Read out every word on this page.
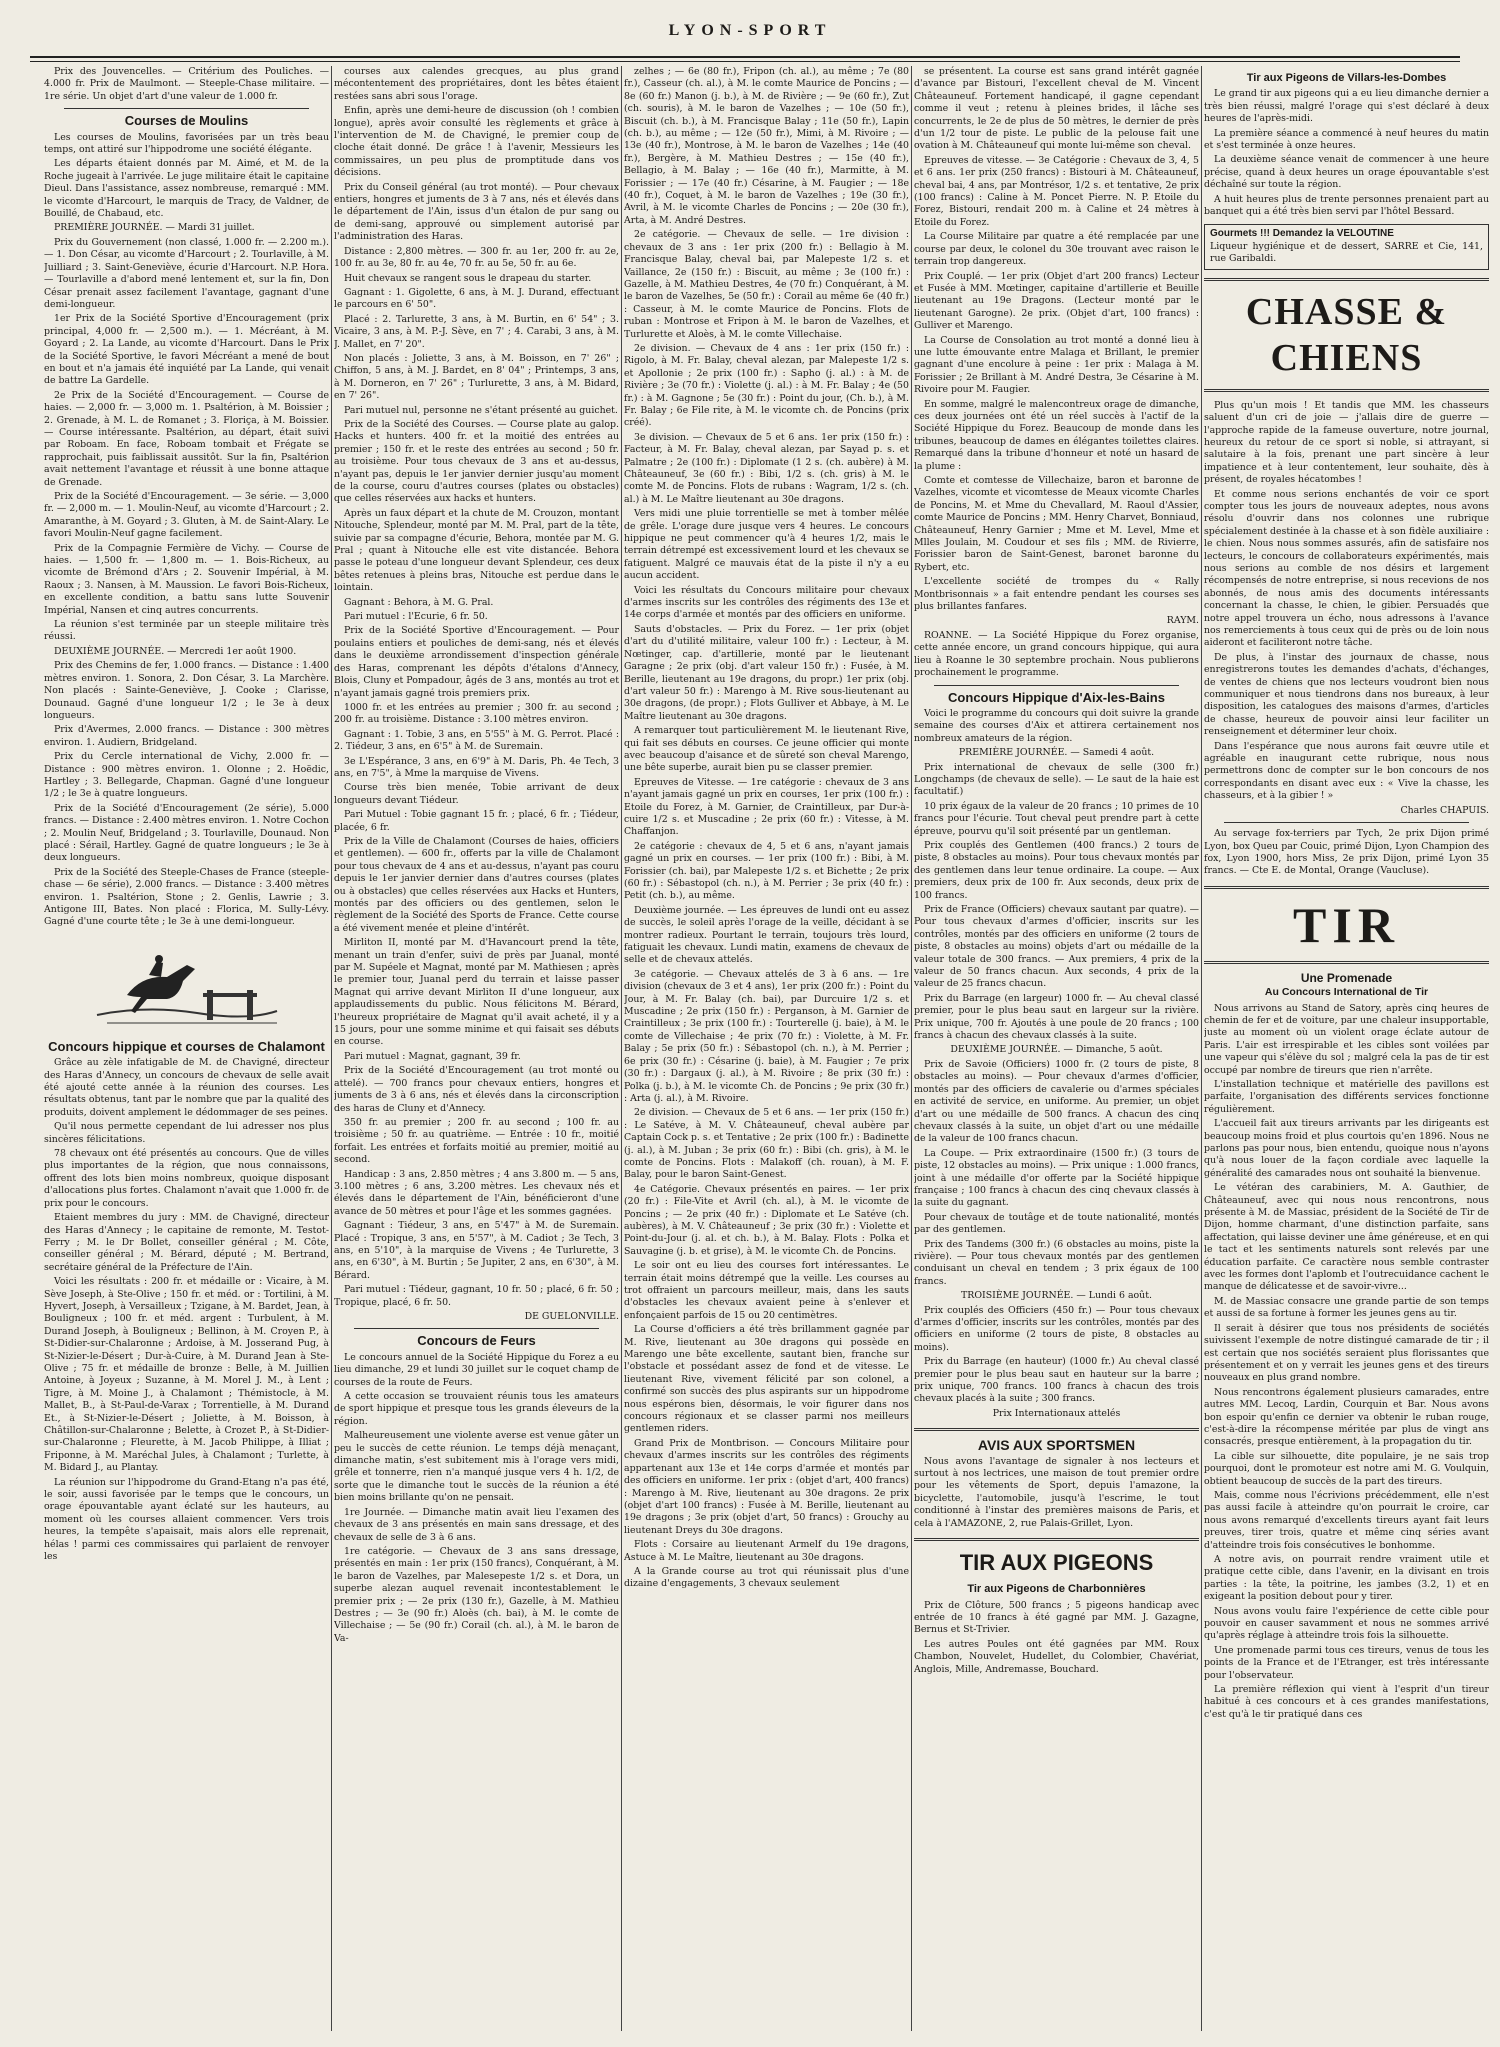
LYON-SPORT

Prix des Jouvencelles. — Critérium des Pouliches. — 4.000 fr. Prix de Maulmont. — Steeple-Chase militaire. — 1re série. Un objet d'art d'une valeur de 1.000 fr.

Courses de Moulins

Les courses de Moulins, favorisées par un très beau temps, ont attiré sur l'hippodrome une société élégante.

Les départs étaient donnés par M. Aimé, et M. de la Roche jugeait à l'arrivée. Le juge militaire était le capitaine Dieul. Dans l'assistance, assez nombreuse, remarqué : MM. le vicomte d'Harcourt, le marquis de Tracy, de Valdner, de Bouillé, de Chabaud, etc.

PREMIÈRE JOURNÉE. — Mardi 31 juillet.

Prix du Gouvernement (non classé, 1.000 fr. — 2.200 m.). — 1. Don César, au vicomte d'Harcourt ; 2. Tourlaville, à M. Juilliard ; 3. Saint-Geneviève, écurie d'Harcourt. N.P. Hora. — Tourlaville a d'abord mené lentement et, sur la fin, Don César prenait assez facilement l'avantage, gagnant d'une demi-longueur.

1er Prix de la Société Sportive d'Encouragement (prix principal, 4,000 fr. — 2,500 m.). — 1. Mécréant, à M. Goyard ; 2. La Lande, au vicomte d'Harcourt. Dans le Prix de la Société Sportive, le favori Mécréant a mené de bout en bout et n'a jamais été inquiété par La Lande, qui venait de battre La Gardelle.

2e Prix de la Société d'Encouragement. — Course de haies. — 2,000 fr. — 3,000 m. 1. Psaltérion, à M. Boissier ; 2. Grenade, à M. L. de Romanet ; 3. Floriça, à M. Boissier. — Course intéressante. Psaltérion, au départ, était suivi par Roboam. En face, Roboam tombait et Frégate se rapprochait, puis faiblissait aussitôt. Sur la fin, Psaltérion avait nettement l'avantage et réussit à une bonne attaque de Grenade.

Prix de la Société d'Encouragement. — 3e série. — 3,000 fr. — 2,000 m. — 1. Moulin-Neuf, au vicomte d'Harcourt ; 2. Amaranthe, à M. Goyard ; 3. Gluten, à M. de Saint-Alary. Le favori Moulin-Neuf gagne facilement.

Prix de la Compagnie Fermière de Vichy. — Course de haies. — 1,500 fr. — 1,800 m. — 1. Bois-Richeux, au vicomte de Brémond d'Ars ; 2. Souvenir Impérial, à M. Raoux ; 3. Nansen, à M. Maussion. Le favori Bois-Richeux, en excellente condition, a battu sans lutte Souvenir Impérial, Nansen et cinq autres concurrents.

La réunion s'est terminée par un steeple militaire très réussi.

DEUXIÈME JOURNÉE. — Mercredi 1er août 1900.

Prix des Chemins de fer, 1.000 francs. — Distance : 1.400 mètres environ. 1. Sonora, 2. Don César, 3. La Marchère. Non placés : Sainte-Geneviève, J. Cooke ; Clarisse, Dounaud. Gagné d'une longueur 1/2 ; le 3e à deux longueurs.

Prix d'Avermes, 2.000 francs. — Distance : 300 mètres environ. 1. Audiern, Bridgeland.

Prix du Cercle international de Vichy, 2.000 fr. — Distance : 900 mètres environ. 1. Olonne ; 2. Hoëdic, Hartley ; 3. Bellegarde, Chapman. Gagné d'une longueur 1/2 ; le 3e à quatre longueurs.

Prix de la Société d'Encouragement (2e série), 5.000 francs. — Distance : 2.400 mètres environ. 1. Notre Cochon ; 2. Moulin Neuf, Bridgeland ; 3. Tourlaville, Dounaud. Non placé : Sérail, Hartley. Gagné de quatre longueurs ; le 3e à deux longueurs.

Prix de la Société des Steeple-Chases de France (steeple-chase — 6e série), 2.000 francs. — Distance : 3.400 mètres environ. 1. Psaltérion, Stone ; 2. Genlis, Lawrie ; 3. Antigone III, Bates. Non placé : Florica, M. Sully-Lévy. Gagné d'une courte tête ; le 3e à une demi-longueur.

Concours hippique et courses de Chalamont

Grâce au zèle infatigable de M. de Chavigné, directeur des Haras d'Annecy, un concours de chevaux de selle avait été ajouté cette année à la réunion des courses. Les résultats obtenus, tant par le nombre que par la qualité des produits, doivent amplement le dédommager de ses peines.

Qu'il nous permette cependant de lui adresser nos plus sincères félicitations.

78 chevaux ont été présentés au concours. Que de villes plus importantes de la région, que nous connaissons, offrent des lots bien moins nombreux, quoique disposant d'allocations plus fortes. Chalamont n'avait que 1.000 fr. de prix pour le concours.

Etaient membres du jury : MM. de Chavigné, directeur des Haras d'Annecy ; le capitaine de remonte, M. Testot-Ferry ; M. le Dr Bollet, conseiller général ; M. Côte, conseiller général ; M. Bérard, député ; M. Bertrand, secrétaire général de la Préfecture de l'Ain.

Voici les résultats : 200 fr. et médaille or : Vicaire, à M. Sève Joseph, à Ste-Olive ; 150 fr. et méd. or : Tortilini, à M. Hyvert, Joseph, à Versailleux ; Tzigane, à M. Bardet, Jean, à Bouligneux ; 100 fr. et méd. argent : Turbulent, à M. Durand Joseph, à Bouligneux ; Bellinon, à M. Croyen P., à St-Didier-sur-Chalaronne ; Ardoise, à M. Josserand Pug, à St-Nizier-le-Désert ; Dur-à-Cuire, à M. Durand Jean à Ste-Olive ; 75 fr. et médaille de bronze : Belle, à M. Juillien Antoine, à Joyeux ; Suzanne, à M. Morel J. M., à Lent ; Tigre, à M. Moine J., à Chalamont ; Thémistocle, à M. Mallet, B., à St-Paul-de-Varax ; Torrentielle, à M. Durand Et., à St-Nizier-le-Désert ; Joliette, à M. Boisson, à Châtillon-sur-Chalaronne ; Belette, à Crozet P., à St-Didier-sur-Chalaronne ; Fleurette, à M. Jacob Philippe, à Illiat ; Friponne, à M. Maréchal Jules, à Chalamont ; Turlette, à M. Bidard J., au Plantay.

La réunion sur l'hippodrome du Grand-Etang n'a pas été, le soir, aussi favorisée par le temps que le concours, un orage épouvantable ayant éclaté sur les hauteurs, au moment où les courses allaient commencer. Vers trois heures, la tempête s'apaisait, mais alors elle reprenait, hélas ! parmi ces commissaires qui parlaient de renvoyer les

courses aux calendes grecques, au plus grand mécontentement des propriétaires, dont les bêtes étaient restées sans abri sous l'orage.

Enfin, après une demi-heure de discussion (oh ! combien longue), après avoir consulté les règlements et grâce à l'intervention de M. de Chavigné, le premier coup de cloche était donné. De grâce ! à l'avenir, Messieurs les commissaires, un peu plus de promptitude dans vos décisions.

Prix du Conseil général (au trot monté). — Pour chevaux entiers, hongres et juments de 3 à 7 ans, nés et élevés dans le département de l'Ain, issus d'un étalon de pur sang ou de demi-sang, approuvé ou simplement autorisé par l'administration des Haras.

Distance : 2,800 mètres. — 300 fr. au 1er, 200 fr. au 2e, 100 fr. au 3e, 80 fr. au 4e, 70 fr. au 5e, 50 fr. au 6e.

Huit chevaux se rangent sous le drapeau du starter.

Gagnant : 1. Gigolette, 6 ans, à M. J. Durand, effectuant le parcours en 6' 50".

Placé : 2. Tarlurette, 3 ans, à M. Burtin, en 6' 54" ; 3. Vicaire, 3 ans, à M. P.-J. Sève, en 7' ; 4. Carabi, 3 ans, à M. J. Mallet, en 7' 20".

Non placés : Joliette, 3 ans, à M. Boisson, en 7' 26" ; Chiffon, 5 ans, à M. J. Bardet, en 8' 04" ; Printemps, 3 ans, à M. Dorneron, en 7' 26" ; Turlurette, 3 ans, à M. Bidard, en 7' 26".

Pari mutuel nul, personne ne s'étant présenté au guichet.

Prix de la Société des Courses. — Course plate au galop. Hacks et hunters. 400 fr. et la moitié des entrées au premier ; 150 fr. et le reste des entrées au second ; 50 fr. au troisième. Pour tous chevaux de 3 ans et au-dessus, n'ayant pas, depuis le 1er janvier dernier jusqu'au moment de la course, couru d'autres courses (plates ou obstacles) que celles réservées aux hacks et hunters.

Après un faux départ et la chute de M. Crouzon, montant Nitouche, Splendeur, monté par M. M. Pral, part de la tête, suivie par sa compagne d'écurie, Behora, montée par M. G. Pral ; quant à Nitouche elle est vite distancée. Behora passe le poteau d'une longueur devant Splendeur, ces deux bêtes retenues à pleins bras, Nitouche est perdue dans le lointain.

Gagnant : Behora, à M. G. Pral.

Pari mutuel : l'Ecurie, 6 fr. 50.

Prix de la Société Sportive d'Encouragement. — Pour poulains entiers et pouliches de demi-sang, nés et élevés dans le deuxième arrondissement d'inspection générale des Haras, comprenant les dépôts d'étalons d'Annecy, Blois, Cluny et Pompadour, âgés de 3 ans, montés au trot et n'ayant jamais gagné trois premiers prix.

1000 fr. et les entrées au premier ; 300 fr. au second ; 200 fr. au troisième. Distance : 3.100 mètres environ.

Gagnant : 1. Tobie, 3 ans, en 5'55" à M. G. Perrot. Placé : 2. Tiédeur, 3 ans, en 6'5" à M. de Suremain.

3e L'Espérance, 3 ans, en 6'9" à M. Daris, Ph. 4e Tech, 3 ans, en 7'5", à Mme la marquise de Vivens.

Course très bien menée, Tobie arrivant de deux longueurs devant Tiédeur.

Pari Mutuel : Tobie gagnant 15 fr. ; placé, 6 fr. ; Tiédeur, placée, 6 fr.

Prix de la Ville de Chalamont (Courses de haies, officiers et gentlemen). — 600 fr., offerts par la ville de Chalamont pour tous chevaux de 4 ans et au-dessus, n'ayant pas couru depuis le 1er janvier dernier dans d'autres courses (plates ou à obstacles) que celles réservées aux Hacks et Hunters, montés par des officiers ou des gentlemen, selon le règlement de la Société des Sports de France. Cette course a été vivement menée et pleine d'intérêt.

Mirliton II, monté par M. d'Havancourt prend la tête, menant un train d'enfer, suivi de près par Juanal, monté par M. Supéele et Magnat, monté par M. Mathiesen ; après le premier tour, Juanal perd du terrain et laisse passer Magnat qui arrive devant Mirliton II d'une longueur, aux applaudissements du public. Nous félicitons M. Bérard, l'heureux propriétaire de Magnat qu'il avait acheté, il y a 15 jours, pour une somme minime et qui faisait ses débuts en course.

Pari mutuel : Magnat, gagnant, 39 fr.

Prix de la Société d'Encouragement (au trot monté ou attelé). — 700 francs pour chevaux entiers, hongres et juments de 3 à 6 ans, nés et élevés dans la circonscription des haras de Cluny et d'Annecy.

350 fr. au premier ; 200 fr. au second ; 100 fr. au troisième ; 50 fr. au quatrième. — Entrée : 10 fr., moitié forfait. Les entrées et forfaits moitié au premier, moitié au second.

Handicap : 3 ans, 2.850 mètres ; 4 ans 3.800 m. — 5 ans, 3.100 mètres ; 6 ans, 3.200 mètres. Les chevaux nés et élevés dans le département de l'Ain, bénéficieront d'une avance de 50 mètres et pour l'âge et les sommes gagnées.

Gagnant : Tiédeur, 3 ans, en 5'47" à M. de Suremain. Placé : Tropique, 3 ans, en 5'57", à M. Cadiot ; 3e Tech, 3 ans, en 5'10", à la marquise de Vivens ; 4e Turlurette, 3 ans, en 6'30", à M. Burtin ; 5e Jupiter, 2 ans, en 6'30", à M. Bérard.

Pari mutuel : Tiédeur, gagnant, 10 fr. 50 ; placé, 6 fr. 50 ; Tropique, placé, 6 fr. 50.

DE GUELONVILLE.

Concours de Feurs

Le concours annuel de la Société Hippique du Forez a eu lieu dimanche, 29 et lundi 30 juillet sur le coquet champ de courses de la route de Feurs.

A cette occasion se trouvaient réunis tous les amateurs de sport hippique et presque tous les grands éleveurs de la région.

Malheureusement une violente averse est venue gâter un peu le succès de cette réunion. Le temps déjà menaçant, dimanche matin, s'est subitement mis à l'orage vers midi, grêle et tonnerre, rien n'a manqué jusque vers 4 h. 1/2, de sorte que le dimanche tout le succès de la réunion a été bien moins brillante qu'on ne pensait.

1re Journée. — Dimanche matin avait lieu l'examen des chevaux de 3 ans présentés en main sans dressage, et des chevaux de selle de 3 à 6 ans.

1re catégorie. — Chevaux de 3 ans sans dressage, présentés en main : 1er prix (150 francs), Conquérant, à M. le baron de Vazelhes, par Malesepeste 1/2 s. et Dora, un superbe alezan auquel revenait incontestablement le premier prix ; — 2e prix (130 fr.), Gazelle, à M. Mathieu Destres ; — 3e (90 fr.) Aloès (ch. bai), à M. le comte de Villechaise ; — 5e (90 fr.) Corail (ch. al.), à M. le baron de Va-

zelhes ; — 6e (80 fr.), Fripon (ch. al.), au même ; 7e (80 fr.), Casseur (ch. al.), à M. le comte Maurice de Poncins ; — 8e (60 fr.) Manon (j. b.), à M. de Rivière ; — 9e (60 fr.), Zut (ch. souris), à M. le baron de Vazelhes ; — 10e (50 fr.), Biscuit (ch. b.), à M. Francisque Balay ; 11e (50 fr.), Lapin (ch. b.), au même ; — 12e (50 fr.), Mimi, à M. Rivoire ; — 13e (40 fr.), Montrose, à M. le baron de Vazelhes ; 14e (40 fr.), Bergère, à M. Mathieu Destres ; — 15e (40 fr.), Bellagio, à M. Balay ; — 16e (40 fr.), Marmitte, à M. Forissier ; — 17e (40 fr.) Césarine, à M. Faugier ; — 18e (40 fr.), Coquet, à M. le baron de Vazelhes ; 19e (30 fr.), Avril, à M. le vicomte Charles de Poncins ; — 20e (30 fr.), Arta, à M. André Destres.

2e catégorie. — Chevaux de selle. — 1re division : chevaux de 3 ans : 1er prix (200 fr.) : Bellagio à M. Francisque Balay, cheval bai, par Malepeste 1/2 s. et Vaillance, 2e (150 fr.) : Biscuit, au même ; 3e (100 fr.) : Gazelle, à M. Mathieu Destres, 4e (70 fr.) Conquérant, à M. le baron de Vazelhes, 5e (50 fr.) : Corail au même 6e (40 fr.) : Casseur, à M. le comte Maurice de Poncins. Flots de ruban : Montrose et Fripon à M. le baron de Vazelhes, et Turlurette et Aloès, à M. le comte Villechaise.

2e division. — Chevaux de 4 ans : 1er prix (150 fr.) : Rigolo, à M. Fr. Balay, cheval alezan, par Malepeste 1/2 s. et Apollonie ; 2e prix (100 fr.) : Sapho (j. al.) : à M. de Rivière ; 3e (70 fr.) : Violette (j. al.) : à M. Fr. Balay ; 4e (50 fr.) : à M. Gagnone ; 5e (30 fr.) : Point du jour, (Ch. b.), à M. Fr. Balay ; 6e File rite, à M. le vicomte ch. de Poncins (prix créé).

3e division. — Chevaux de 5 et 6 ans. 1er prix (150 fr.) : Facteur, à M. Fr. Balay, cheval alezan, par Sayad p. s. et Palmatre ; 2e (100 fr.) : Diplomate (1 2 s. (ch. aubère) à M. Châteauneuf, 3e (60 fr.) : Bibi, 1/2 s. (ch. gris) à M. le comte M. de Poncins. Flots de rubans : Wagram, 1/2 s. (ch. al.) à M. Le Maître lieutenant au 30e dragons.

Vers midi une pluie torrentielle se met à tomber mêlée de grêle. L'orage dure jusque vers 4 heures. Le concours hippique ne peut commencer qu'à 4 heures 1/2, mais le terrain détrempé est excessivement lourd et les chevaux se fatiguent. Malgré ce mauvais état de la piste il n'y a eu aucun accident.

Voici les résultats du Concours militaire pour chevaux d'armes inscrits sur les contrôles des régiments des 13e et 14e corps d'armée et montés par des officiers en uniforme.

Sauts d'obstacles. — Prix du Forez. — 1er prix (objet d'art du d'utilité militaire, valeur 100 fr.) : Lecteur, à M. Nœtinger, cap. d'artillerie, monté par le lieutenant Garagne ; 2e prix (obj. d'art valeur 150 fr.) : Fusée, à M. Berille, lieutenant au 19e dragons, du propr.) 1er prix (obj. d'art valeur 50 fr.) : Marengo à M. Rive sous-lieutenant au 30e dragons, (de propr.) ; Flots Gulliver et Abbaye, à M. Le Maître lieutenant au 30e dragons.

A remarquer tout particulièrement M. le lieutenant Rive, qui fait ses débuts en courses. Ce jeune officier qui monte avec beaucoup d'aisance et de sûreté son cheval Marengo, une bête superbe, aurait bien pu se classer premier.

Epreuves de Vitesse. — 1re catégorie : chevaux de 3 ans n'ayant jamais gagné un prix en courses, 1er prix (100 fr.) : Etoile du Forez, à M. Garnier, de Craintilleux, par Dur-à-cuire 1/2 s. et Muscadine ; 2e prix (60 fr.) : Vitesse, à M. Chaffanjon.

2e catégorie : chevaux de 4, 5 et 6 ans, n'ayant jamais gagné un prix en courses. — 1er prix (100 fr.) : Bibi, à M. Forissier (ch. bai), par Malepeste 1/2 s. et Bichette ; 2e prix (60 fr.) : Sébastopol (ch. n.), à M. Perrier ; 3e prix (40 fr.) : Petit (ch. b.), au même.

Deuxième journée. — Les épreuves de lundi ont eu assez de succès, le soleil après l'orage de la veille, décidant à se montrer radieux. Pourtant le terrain, toujours très lourd, fatiguait les chevaux. Lundi matin, examens de chevaux de selle et de chevaux attelés.

3e catégorie. — Chevaux attelés de 3 à 6 ans. — 1re division (chevaux de 3 et 4 ans), 1er prix (200 fr.) : Point du Jour, à M. Fr. Balay (ch. bai), par Durcuire 1/2 s. et Muscadine ; 2e prix (150 fr.) : Perganson, à M. Garnier de Craintilleux ; 3e prix (100 fr.) : Tourterelle (j. baie), à M. le comte de Villechaise ; 4e prix (70 fr.) : Violette, à M. Fr. Balay ; 5e prix (50 fr.) : Sébastopol (ch. n.), à M. Perrier ; 6e prix (30 fr.) : Césarine (j. baie), à M. Faugier ; 7e prix (30 fr.) : Dargaux (j. al.), à M. Rivoire ; 8e prix (30 fr.) : Polka (j. b.), à M. le vicomte Ch. de Poncins ; 9e prix (30 fr.) : Arta (j. al.), à M. Rivoire.

2e division. — Chevaux de 5 et 6 ans. — 1er prix (150 fr.) : Le Satéve, à M. V. Châteauneuf, cheval aubère par Captain Cock p. s. et Tentative ; 2e prix (100 fr.) : Badinette (j. al.), à M. Juban ; 3e prix (60 fr.) : Bibi (ch. gris), à M. le comte de Poncins. Flots : Malakoff (ch. rouan), à M. F. Balay, pour le baron Saint-Genest.

4e Catégorie. Chevaux présentés en paires. — 1er prix (20 fr.) : File-Vite et Avril (ch. al.), à M. le vicomte de Poncins ; — 2e prix (40 fr.) : Diplomate et Le Satéve (ch. aubères), à M. V. Châteauneuf ; 3e prix (30 fr.) : Violette et Point-du-Jour (j. al. et ch. b.), à M. Balay. Flots : Polka et Sauvagine (j. b. et grise), à M. le vicomte Ch. de Poncins.

Le soir ont eu lieu des courses fort intéressantes. Le terrain était moins détrempé que la veille. Les courses au trot offraient un parcours meilleur, mais, dans les sauts d'obstacles les chevaux avaient peine à s'enlever et enfonçaient parfois de 15 ou 20 centimètres.

La Course d'officiers a été très brillamment gagnée par M. Rive, lieutenant au 30e dragons qui possède en Marengo une bête excellente, sautant bien, franche sur l'obstacle et possédant assez de fond et de vitesse. Le lieutenant Rive, vivement félicité par son colonel, a confirmé son succès des plus aspirants sur un hippodrome nous espérons bien, désormais, le voir figurer dans nos concours régionaux et se classer parmi nos meilleurs gentlemen riders.

Grand Prix de Montbrison. — Concours Militaire pour chevaux d'armes inscrits sur les contrôles des régiments appartenant aux 13e et 14e corps d'armée et montés par des officiers en uniforme. 1er prix : (objet d'art, 400 francs) : Marengo à M. Rive, lieutenant au 30e dragons. 2e prix (objet d'art 100 francs) : Fusée à M. Berille, lieutenant au 19e dragons ; 3e prix (objet d'art, 50 francs) : Grouchy au lieutenant Dreys du 30e dragons.

Flots : Corsaire au lieutenant Armelf du 19e dragons, Astuce à M. Le Maître, lieutenant au 30e dragons.

A la Grande course au trot qui réunissait plus d'une dizaine d'engagements, 3 chevaux seulement

se présentent. La course est sans grand intérêt gagnée d'avance par Bistouri, l'excellent cheval de M. Vincent Châteauneuf. Fortement handicapé, il gagne cependant comme il veut ; retenu à pleines brides, il lâche ses concurrents, le 2e de plus de 50 mètres, le dernier de près d'un 1/2 tour de piste. Le public de la pelouse fait une ovation à M. Châteauneuf qui monte lui-même son cheval.

Epreuves de vitesse. — 3e Catégorie : Chevaux de 3, 4, 5 et 6 ans. 1er prix (250 francs) : Bistouri à M. Châteauneuf, cheval bai, 4 ans, par Montrésor, 1/2 s. et tentative, 2e prix (100 francs) : Caline à M. Poncet Pierre. N. P. Etoile du Forez, Bistouri, rendait 200 m. à Caline et 24 mètres à Etoile du Forez.

La Course Militaire par quatre a été remplacée par une course par deux, le colonel du 30e trouvant avec raison le terrain trop dangereux.

Prix Couplé. — 1er prix (Objet d'art 200 francs) Lecteur et Fusée à MM. Mœtinger, capitaine d'artillerie et Beuille lieutenant au 19e Dragons. (Lecteur monté par le lieutenant Garogne). 2e prix. (Objet d'art, 100 francs) : Gulliver et Marengo.

La Course de Consolation au trot monté a donné lieu à une lutte émouvante entre Malaga et Brillant, le premier gagnant d'une encolure à peine : 1er prix : Malaga à M. Forissier ; 2e Brillant à M. André Destra, 3e Césarine à M. Rivoire pour M. Faugier.

En somme, malgré le malencontreux orage de dimanche, ces deux journées ont été un réel succès à l'actif de la Société Hippique du Forez. Beaucoup de monde dans les tribunes, beaucoup de dames en élégantes toilettes claires. Remarqué dans la tribune d'honneur et noté un hasard de la plume :

Comte et comtesse de Villechaize, baron et baronne de Vazelhes, vicomte et vicomtesse de Meaux vicomte Charles de Poncins, M. et Mme du Chevallard, M. Raoul d'Assier, comte Maurice de Poncins ; MM. Henry Charvet, Bonniaud, Châteauneuf, Henry Garnier ; Mme et M. Level, Mme et Mlles Joulain, M. Coudour et ses fils ; MM. de Rivierre, Forissier baron de Saint-Genest, baronet baronne du Rybert, etc.

L'excellente société de trompes du « Rally Montbrisonnais » a fait entendre pendant les courses ses plus brillantes fanfares.

RAYM.

ROANNE. — La Société Hippique du Forez organise, cette année encore, un grand concours hippique, qui aura lieu à Roanne le 30 septembre prochain. Nous publierons prochainement le programme.

Concours Hippique d'Aix-les-Bains

Voici le programme du concours qui doit suivre la grande semaine des courses d'Aix et attirera certainement nos nombreux amateurs de la région.

PREMIÈRE JOURNÉE. — Samedi 4 août.

Prix international de chevaux de selle (300 fr.) Longchamps (de chevaux de selle). — Le saut de la haie est facultatif.)

10 prix égaux de la valeur de 20 francs ; 10 primes de 10 francs pour l'écurie. Tout cheval peut prendre part à cette épreuve, pourvu qu'il soit présenté par un gentleman.

Prix couplés des Gentlemen (400 francs.) 2 tours de piste, 8 obstacles au moins). Pour tous chevaux montés par des gentlemen dans leur tenue ordinaire. La coupe. — Aux premiers, deux prix de 100 fr. Aux seconds, deux prix de 100 francs.

Prix de France (Officiers) chevaux sautant par quatre). — Pour tous chevaux d'armes d'officier, inscrits sur les contrôles, montés par des officiers en uniforme (2 tours de piste, 8 obstacles au moins) objets d'art ou médaille de la valeur totale de 300 francs. — Aux premiers, 4 prix de la valeur de 50 francs chacun. Aux seconds, 4 prix de la valeur de 25 francs chacun.

Prix du Barrage (en largeur) 1000 fr. — Au cheval classé premier, pour le plus beau saut en largeur sur la rivière. Prix unique, 700 fr. Ajoutés à une poule de 20 francs ; 100 francs à chacun des chevaux classés à la suite.

DEUXIÈME JOURNÉE. — Dimanche, 5 août.

Prix de Savoie (Officiers) 1000 fr. (2 tours de piste, 8 obstacles au moins). — Pour chevaux d'armes d'officier, montés par des officiers de cavalerie ou d'armes spéciales en activité de service, en uniforme. Au premier, un objet d'art ou une médaille de 500 francs. A chacun des cinq chevaux classés à la suite, un objet d'art ou une médaille de la valeur de 100 francs chacun.

La Coupe. — Prix extraordinaire (1500 fr.) (3 tours de piste, 12 obstacles au moins). — Prix unique : 1.000 francs, joint à une médaille d'or offerte par la Société hippique française ; 100 francs à chacun des cinq chevaux classés à la suite du gagnant.

Pour chevaux de toutâge et de toute nationalité, montés par des gentlemen.

Prix des Tandems (300 fr.) (6 obstacles au moins, piste la rivière). — Pour tous chevaux montés par des gentlemen conduisant un cheval en tendem ; 3 prix égaux de 100 francs.

TROISIÈME JOURNÉE. — Lundi 6 août.

Prix couplés des Officiers (450 fr.) — Pour tous chevaux d'armes d'officier, inscrits sur les contrôles, montés par des officiers en uniforme (2 tours de piste, 8 obstacles au moins).

Prix du Barrage (en hauteur) (1000 fr.) Au cheval classé premier pour le plus beau saut en hauteur sur la barre ; prix unique, 700 francs. 100 francs à chacun des trois chevaux placés à la suite ; 300 francs.

Prix Internationaux attelés

AVIS AUX SPORTSMEN

Nous avons l'avantage de signaler à nos lecteurs et surtout à nos lectrices, une maison de tout premier ordre pour les vêtements de Sport, depuis l'amazone, la bicyclette, l'automobile, jusqu'à l'escrime, le tout conditionné à l'instar des premières maisons de Paris, et cela à l'AMAZONE, 2, rue Palais-Grillet, Lyon.

TIR AUX PIGEONS
Tir aux Pigeons de Charbonnières

Prix de Clôture, 500 francs ; 5 pigeons handicap avec entrée de 10 francs à été gagné par MM. J. Gazagne, Bernus et St-Trivier.

Les autres Poules ont été gagnées par MM. Roux Chambon, Nouvelet, Hudellet, du Colombier, Chavériat, Anglois, Mille, Andremasse, Bouchard.

Tir aux Pigeons de Villars-les-Dombes

Le grand tir aux pigeons qui a eu lieu dimanche dernier a très bien réussi, malgré l'orage qui s'est déclaré à deux heures de l'après-midi.

La première séance a commencé à neuf heures du matin et s'est terminée à onze heures.

La deuxième séance venait de commencer à une heure précise, quand à deux heures un orage épouvantable s'est déchaîné sur toute la région.

A huit heures plus de trente personnes prenaient part au banquet qui a été très bien servi par l'hôtel Bessard.

Gourmets !!! Demandez la VELOUTINE
Liqueur hygiénique et de dessert, SARRE et Cie, 141, rue Garibaldi.
CHASSE & CHIENS

Plus qu'un mois ! Et tandis que MM. les chasseurs saluent d'un cri de joie — j'allais dire de guerre — l'approche rapide de la fameuse ouverture, notre journal, heureux du retour de ce sport si noble, si attrayant, si salutaire à la fois, prenant une part sincère à leur impatience et à leur contentement, leur souhaite, dès à présent, de royales hécatombes !

Et comme nous serions enchantés de voir ce sport compter tous les jours de nouveaux adeptes, nous avons résolu d'ouvrir dans nos colonnes une rubrique spécialement destinée à la chasse et à son fidèle auxiliaire : le chien. Nous nous sommes assurés, afin de satisfaire nos lecteurs, le concours de collaborateurs expérimentés, mais nous serions au comble de nos désirs et largement récompensés de notre entreprise, si nous recevions de nos abonnés, de nous amis des documents intéressants concernant la chasse, le chien, le gibier. Persuadés que notre appel trouvera un écho, nous adressons à l'avance nos remerciements à tous ceux qui de près ou de loin nous aideront et faciliteront notre tâche.

De plus, à l'instar des journaux de chasse, nous enregistrerons toutes les demandes d'achats, d'échanges, de ventes de chiens que nos lecteurs voudront bien nous communiquer et nous tiendrons dans nos bureaux, à leur disposition, les catalogues des maisons d'armes, d'articles de chasse, heureux de pouvoir ainsi leur faciliter un renseignement et déterminer leur choix.

Dans l'espérance que nous aurons fait œuvre utile et agréable en inaugurant cette rubrique, nous nous permettrons donc de compter sur le bon concours de nos correspondants en disant avec eux : « Vive la chasse, les chasseurs, et à la gibier ! »

Charles CHAPUIS.

Au servage fox-terriers par Tych, 2e prix Dijon primé Lyon, box Queu par Couic, primé Dijon, Lyon Champion des fox, Lyon 1900, hors Miss, 2e prix Dijon, primé Lyon 35 francs. — Cte E. de Montal, Orange (Vaucluse).

TIR
Une Promenade
Au Concours International de Tir

Nous arrivons au Stand de Satory, après cinq heures de chemin de fer et de voiture, par une chaleur insupportable, juste au moment où un violent orage éclate autour de Paris. L'air est irrespirable et les cibles sont voilées par une vapeur qui s'élève du sol ; malgré cela la pas de tir est occupé par nombre de tireurs que rien n'arrête.

L'installation technique et matérielle des pavillons est parfaite, l'organisation des différents services fonctionne régulièrement.

L'accueil fait aux tireurs arrivants par les dirigeants est beaucoup moins froid et plus courtois qu'en 1896. Nous ne parlons pas pour nous, bien entendu, quoique nous n'ayons qu'à nous louer de la façon cordiale avec laquelle la généralité des camarades nous ont souhaité la bienvenue.

Le vétéran des carabiniers, M. A. Gauthier, de Châteauneuf, avec qui nous nous rencontrons, nous présente à M. de Massiac, président de la Société de Tir de Dijon, homme charmant, d'une distinction parfaite, sans affectation, qui laisse deviner une âme généreuse, et en qui le tact et les sentiments naturels sont relevés par une éducation parfaite. Ce caractère nous semble contraster avec les formes dont l'aplomb et l'outrecuidance cachent le manque de délicatesse et de savoir-vivre...

M. de Massiac consacre une grande partie de son temps et aussi de sa fortune à former les jeunes gens au tir.

Il serait à désirer que tous nos présidents de sociétés suivissent l'exemple de notre distingué camarade de tir ; il est certain que nos sociétés seraient plus florissantes que présentement et on y verrait les jeunes gens et des tireurs nouveaux en plus grand nombre.

Nous rencontrons également plusieurs camarades, entre autres MM. Lecoq, Lardin, Courquin et Bar. Nous avons bon espoir qu'enfin ce dernier va obtenir le ruban rouge, c'est-à-dire la récompense méritée par plus de vingt ans consacrés, presque entièrement, à la propagation du tir.

La cible sur silhouette, dite populaire, je ne sais trop pourquoi, dont le promoteur est notre ami M. G. Voulquin, obtient beaucoup de succès de la part des tireurs.

Mais, comme nous l'écrivions précédemment, elle n'est pas aussi facile à atteindre qu'on pourrait le croire, car nous avons remarqué d'excellents tireurs ayant fait leurs preuves, tirer trois, quatre et même cinq séries avant d'atteindre trois fois consécutives le bonhomme.

A notre avis, on pourrait rendre vraiment utile et pratique cette cible, dans l'avenir, en la divisant en trois parties : la tête, la poitrine, les jambes (3.2, 1) et en exigeant la position debout pour y tirer.

Nous avons voulu faire l'expérience de cette cible pour pouvoir en causer savamment et nous ne sommes arrivé qu'après réglage à atteindre trois fois la silhouette.

Une promenade parmi tous ces tireurs, venus de tous les points de la France et de l'Etranger, est très intéressante pour l'observateur.

La première réflexion qui vient à l'esprit d'un tireur habitué à ces concours et à ces grandes manifestations, c'est qu'à le tir pratiqué dans ces
